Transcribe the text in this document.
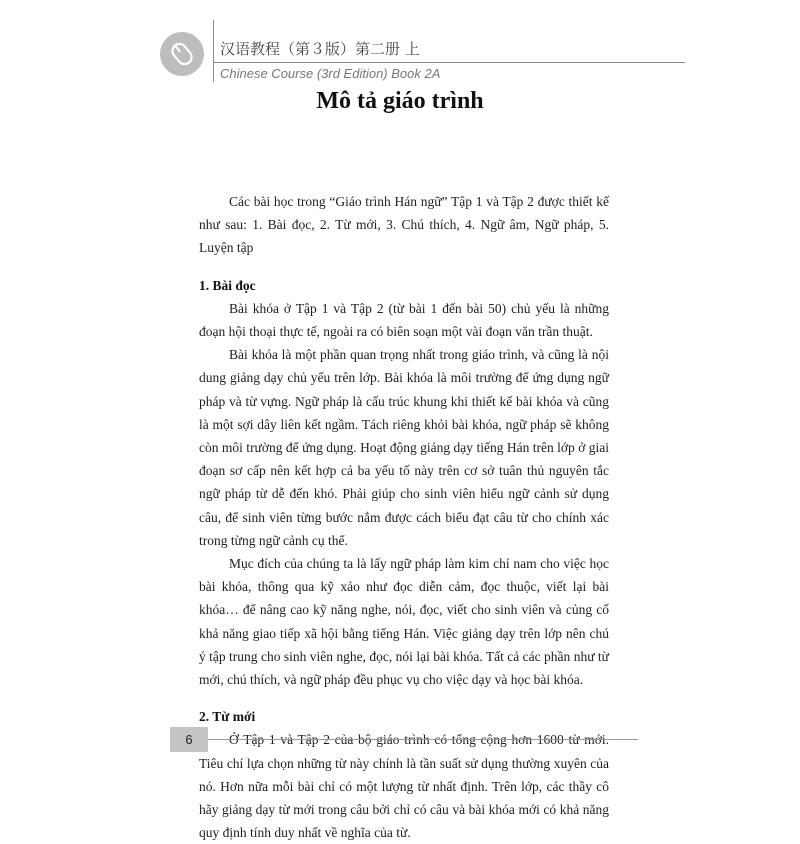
汉语教程（第３版）第二册 上
Chinese Course (3rd Edition) Book 2A
Mô tả giáo trình

Các bài học trong “Giáo trình Hán ngữ” Tập 1 và Tập 2 được thiết kế như sau: 1. Bài đọc, 2. Từ mới, 3. Chú thích, 4. Ngữ âm, Ngữ pháp, 5. Luyện tập

1. Bài đọc

Bài khóa ở Tập 1 và Tập 2 (từ bài 1 đến bài 50) chủ yếu là những đoạn hội thoại thực tế, ngoài ra có biên soạn một vài đoạn văn trần thuật.

Bài khóa là một phần quan trọng nhất trong giáo trình, và cũng là nội dung giảng dạy chủ yếu trên lớp. Bài khóa là môi trường để ứng dụng ngữ pháp và từ vựng. Ngữ pháp là cấu trúc khung khi thiết kế bài khóa và cũng là một sợi dây liên kết ngầm. Tách riêng khỏi bài khóa, ngữ pháp sẽ không còn môi trường để ứng dụng. Hoạt động giảng dạy tiếng Hán trên lớp ở giai đoạn sơ cấp nên kết hợp cả ba yếu tố này trên cơ sở tuân thủ nguyên tắc ngữ pháp từ dễ đến khó. Phải giúp cho sinh viên hiểu ngữ cảnh sử dụng câu, để sinh viên từng bước nắm được cách biểu đạt câu từ cho chính xác trong từng ngữ cảnh cụ thể.

Mục đích của chúng ta là lấy ngữ pháp làm kim chỉ nam cho việc học bài khóa, thông qua kỹ xảo như đọc diễn cảm, đọc thuộc, viết lại bài khóa… để nâng cao kỹ năng nghe, nói, đọc, viết cho sinh viên và củng cố khả năng giao tiếp xã hội bằng tiếng Hán. Việc giảng dạy trên lớp nên chú ý tập trung cho sinh viên nghe, đọc, nói lại bài khóa. Tất cả các phần như từ mới, chú thích, và ngữ pháp đều phục vụ cho việc dạy và học bài khóa.

2. Từ mới

Tiêu chí lựa chọn những từ này chính là tần suất sử dụng thường xuyên của nó. Hơn nữa mỗi bài chỉ có một lượng từ nhất định. Trên lớp, các thầy cô hãy giảng dạy từ mới trong câu bởi chỉ có câu và bài khóa mới có khả năng quy định tính duy nhất về nghĩa của từ.

6
